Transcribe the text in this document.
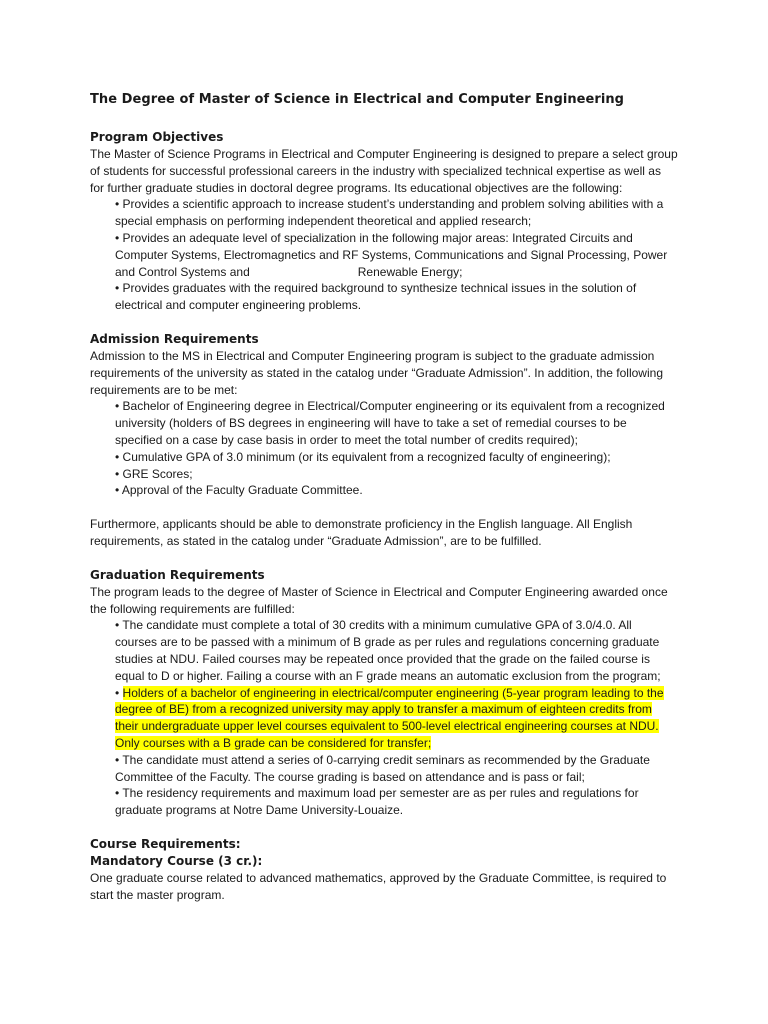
The Degree of Master of Science in Electrical and Computer Engineering
Program Objectives

The Master of Science Programs in Electrical and Computer Engineering is designed to prepare a select group of students for successful professional careers in the industry with specialized technical expertise as well as for further graduate studies in doctoral degree programs. Its educational objectives are the following:

• Provides a scientific approach to increase student’s understanding and problem solving abilities with a special emphasis on performing independent theoretical and applied research;

• Provides an adequate level of specialization in the following major areas: Integrated Circuits and Computer Systems, Electromagnetics and RF Systems, Communications and Signal Processing, Power and Control Systems and	Renewable Energy;

• Provides graduates with the required background to synthesize technical issues in the solution of electrical and computer engineering problems.

Admission Requirements

Admission to the MS in Electrical and Computer Engineering program is subject to the graduate admission requirements of the university as stated in the catalog under “Graduate Admission”. In addition, the following requirements are to be met:

• Bachelor of Engineering degree in Electrical/Computer engineering or its equivalent from a recognized university (holders of BS degrees in engineering will have to take a set of remedial courses to be specified on a case by case basis in order to meet the total number of credits required);

• Cumulative GPA of 3.0 minimum (or its equivalent from a recognized faculty of engineering);

• GRE Scores;

• Approval of the Faculty Graduate Committee.

Furthermore, applicants should be able to demonstrate proficiency in the English language. All English requirements, as stated in the catalog under “Graduate Admission”, are to be fulfilled.

Graduation Requirements

The program leads to the degree of Master of Science in Electrical and Computer Engineering awarded once the following requirements are fulfilled:

• The candidate must complete a total of 30 credits with a minimum cumulative GPA of 3.0/4.0. All courses are to be passed with a minimum of B grade as per rules and regulations concerning graduate studies at NDU. Failed courses may be repeated once provided that the grade on the failed course is equal to D or higher. Failing a course with an F grade means an automatic exclusion from the program;

• Holders of a bachelor of engineering in electrical/computer engineering (5-year program leading to the degree of BE) from a recognized university may apply to transfer a maximum of eighteen credits from their undergraduate upper level courses equivalent to 500-level electrical engineering courses at NDU. Only courses with a B grade can be considered for transfer;

• The candidate must attend a series of 0-carrying credit seminars as recommended by the Graduate Committee of the Faculty. The course grading is based on attendance and is pass or fail;

• The residency requirements and maximum load per semester are as per rules and regulations for graduate programs at Notre Dame University-Louaize.

Course Requirements:
Mandatory Course (3 cr.):

One graduate course related to advanced mathematics, approved by the Graduate Committee, is required to start the master program.
